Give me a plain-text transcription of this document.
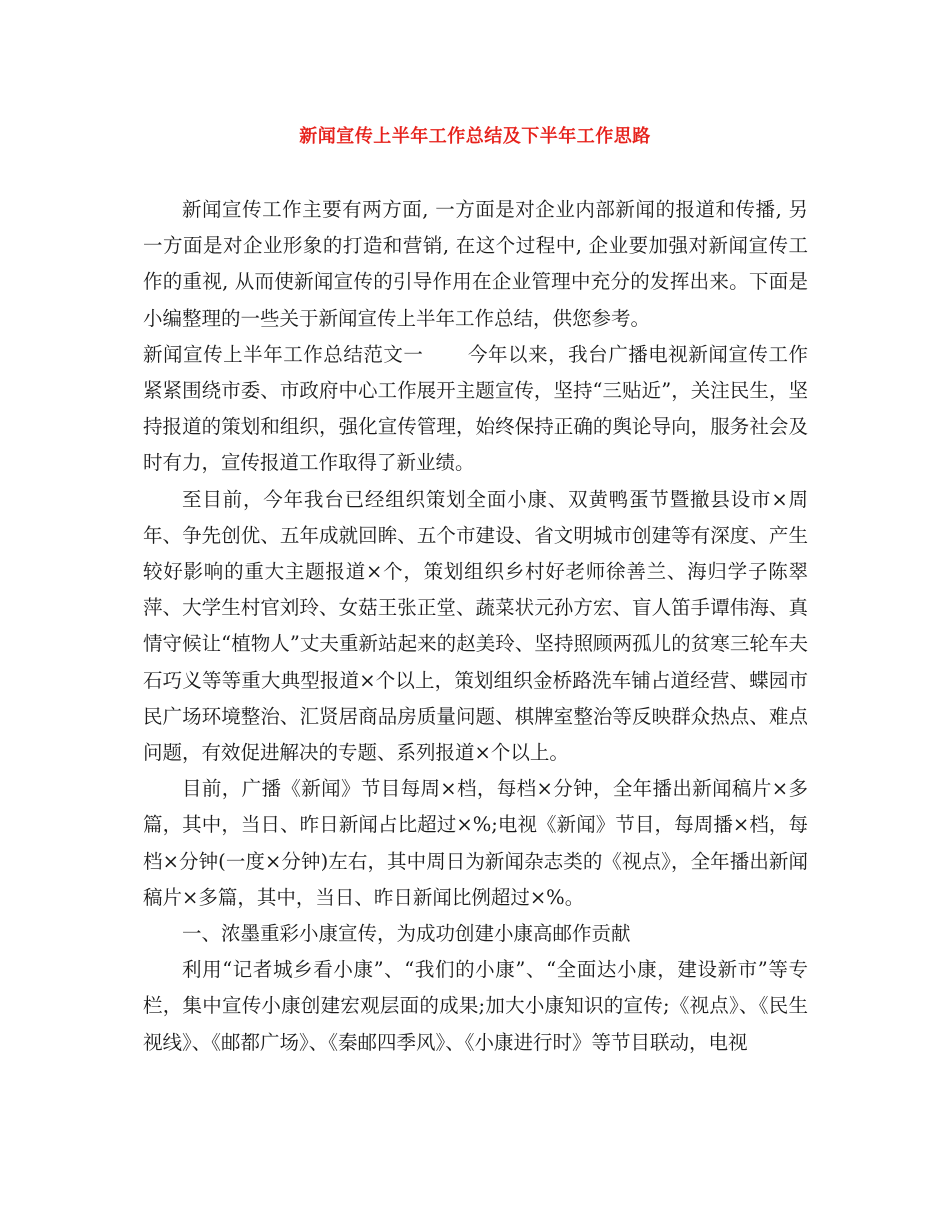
新闻宣传上半年工作总结及下半年工作思路

新闻宣传工作主要有两方面, 一方面是对企业内部新闻的报道和传播, 另一方面是对企业形象的打造和营销, 在这个过程中, 企业要加强对新闻宣传工作的重视, 从而使新闻宣传的引导作用在企业管理中充分的发挥出来。下面是小编整理的一些关于新闻宣传上半年工作总结，供您参考。

新闻宣传上半年工作总结范文一 今年以来，我台广播电视新闻宣传工作紧紧围绕市委、市政府中心工作展开主题宣传，坚持“三贴近”，关注民生，坚持报道的策划和组织，强化宣传管理，始终保持正确的舆论导向，服务社会及时有力，宣传报道工作取得了新业绩。

至目前，今年我台已经组织策划全面小康、双黄鸭蛋节暨撤县设市×周年、争先创优、五年成就回眸、五个市建设、省文明城市创建等有深度、产生较好影响的重大主题报道×个，策划组织乡村好老师徐善兰、海归学子陈翠萍、大学生村官刘玲、女菇王张正堂、蔬菜状元孙方宏、盲人笛手谭伟海、真情守候让“植物人”丈夫重新站起来的赵美玲、坚持照顾两孤儿的贫寒三轮车夫石巧义等等重大典型报道×个以上，策划组织金桥路洗车铺占道经营、蝶园市民广场环境整治、汇贤居商品房质量问题、棋牌室整治等反映群众热点、难点问题，有效促进解决的专题、系列报道×个以上。

目前，广播《新闻》节目每周×档，每档×分钟，全年播出新闻稿片×多篇，其中，当日、昨日新闻占比超过×%;电视《新闻》节目，每周播×档，每档×分钟(一度×分钟)左右，其中周日为新闻杂志类的《视点》，全年播出新闻稿片×多篇，其中，当日、昨日新闻比例超过×%。

一、浓墨重彩小康宣传，为成功创建小康高邮作贡献

利用“记者城乡看小康”、“我们的小康”、“全面达小康，建设新市”等专栏，集中宣传小康创建宏观层面的成果;加大小康知识的宣传;《视点》、《民生视线》、《邮都广场》、《秦邮四季风》、《小康进行时》等节目联动，电视
